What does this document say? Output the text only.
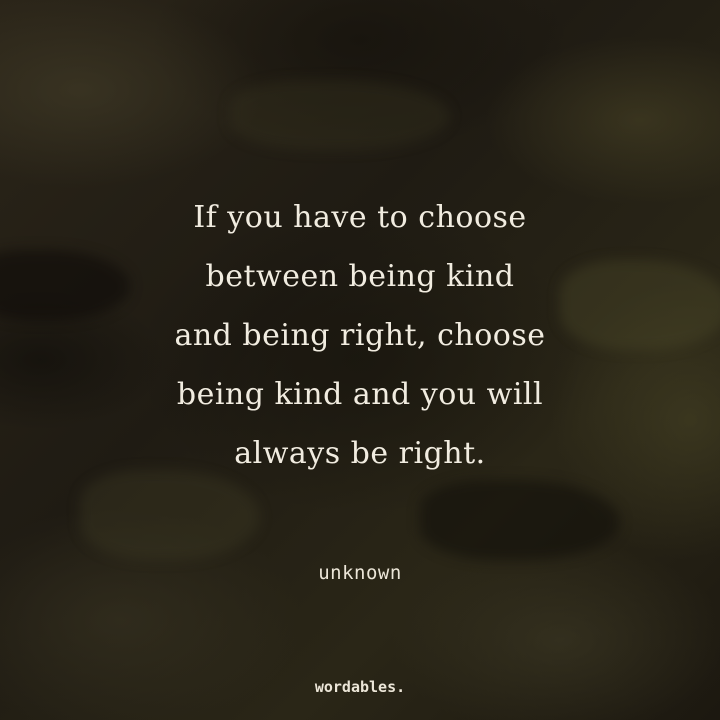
If you have to choose
between being kind
and being right, choose
being kind and you will
always be right.

unknown
wordables.
